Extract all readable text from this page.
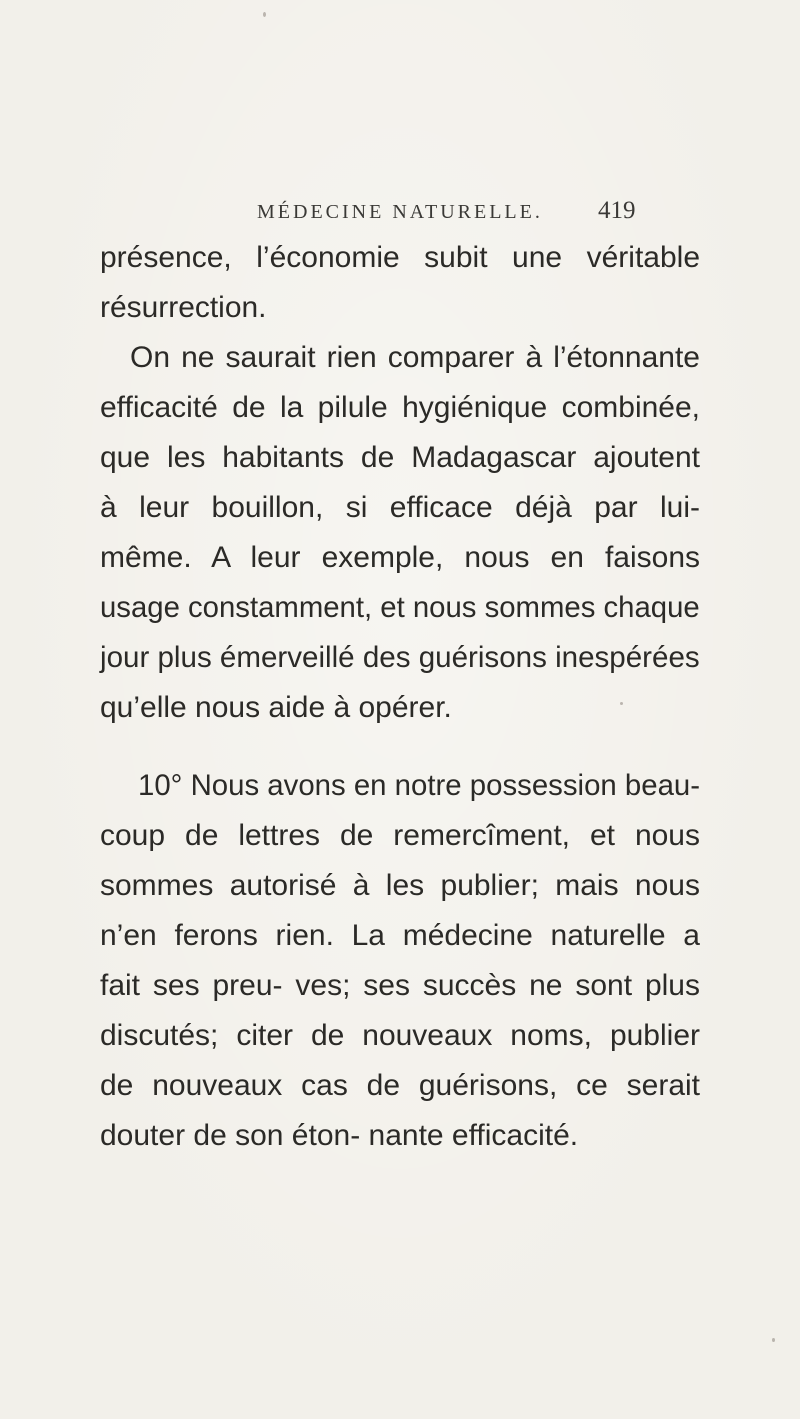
MÉDECINE NATURELLE. 419
présence, l’économie subit une véritable
résurrection.
On ne saurait rien comparer à l’étonnante
efficacité de la pilule hygiénique combinée,
que les habitants de Madagascar ajoutent
à leur bouillon, si efficace déjà par lui-
même. A leur exemple, nous en faisons
usage constamment, et nous sommes chaque
jour plus émerveillé des guérisons inespérées
qu’elle nous aide à opérer.
10° Nous avons en notre possession beau-
coup de lettres de remercîment, et nous
sommes autorisé à les publier; mais nous
n’en ferons rien. La médecine naturelle a
fait ses preu- ves; ses succès ne sont plus
discutés; citer de nouveaux noms, publier
de nouveaux cas de guérisons, ce serait
douter de son éton- nante efficacité.
